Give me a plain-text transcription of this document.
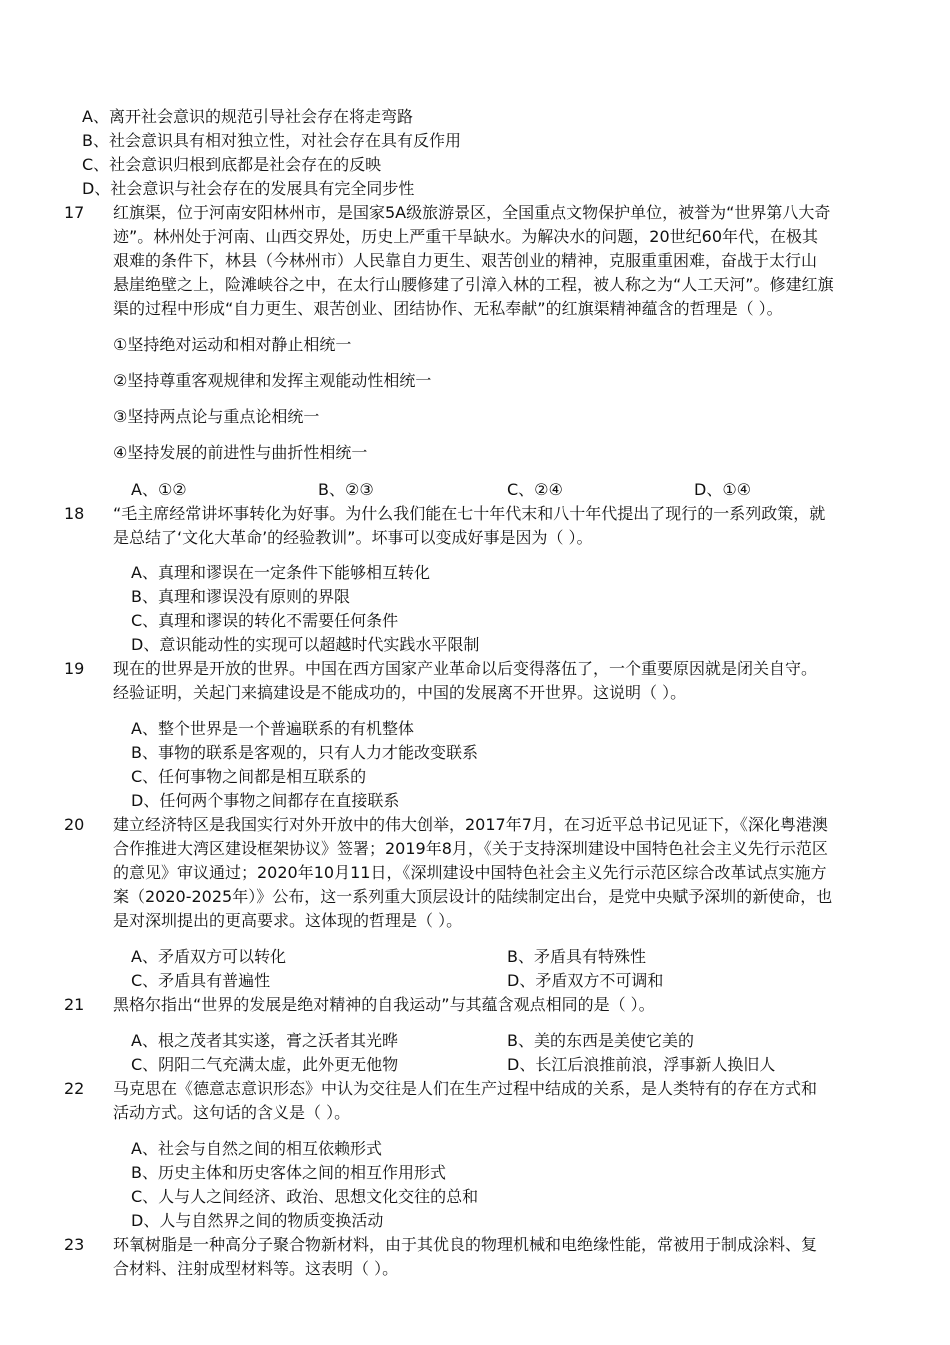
A、离开社会意识的规范引导社会存在将走弯路
B、社会意识具有相对独立性，对社会存在具有反作用
C、社会意识归根到底都是社会存在的反映
D、社会意识与社会存在的发展具有完全同步性
17	红旗渠，位于河南安阳林州市，是国家5A级旅游景区，全国重点文物保护单位，被誉为“世界第八大奇
迹”。林州处于河南、山西交界处，历史上严重干旱缺水。为解决水的问题，20世纪60年代，在极其
艰难的条件下，林县（今林州市）人民靠自力更生、艰苦创业的精神，克服重重困难，奋战于太行山
悬崖绝壁之上，险滩峡谷之中，在太行山腰修建了引漳入林的工程，被人称之为“人工天河”。修建红旗
渠的过程中形成“自力更生、艰苦创业、团结协作、无私奉献”的红旗渠精神蕴含的哲理是（ ）。
①坚持绝对运动和相对静止相统一
②坚持尊重客观规律和发挥主观能动性相统一
③坚持两点论与重点论相统一
④坚持发展的前进性与曲折性相统一
A、①②	B、②③	C、②④	D、①④
18	“毛主席经常讲坏事转化为好事。为什么我们能在七十年代末和八十年代提出了现行的一系列政策，就
是总结了‘文化大革命’的经验教训”。坏事可以变成好事是因为（ ）。
A、真理和谬误在一定条件下能够相互转化
B、真理和谬误没有原则的界限
C、真理和谬误的转化不需要任何条件
D、意识能动性的实现可以超越时代实践水平限制
19	现在的世界是开放的世界。中国在西方国家产业革命以后变得落伍了，一个重要原因就是闭关自守。
经验证明，关起门来搞建设是不能成功的，中国的发展离不开世界。这说明（ ）。
A、整个世界是一个普遍联系的有机整体
B、事物的联系是客观的，只有人力才能改变联系
C、任何事物之间都是相互联系的
D、任何两个事物之间都存在直接联系
20	建立经济特区是我国实行对外开放中的伟大创举，2017年7月，在习近平总书记见证下，《深化粤港澳
合作推进大湾区建设框架协议》签署；2019年8月，《关于支持深圳建设中国特色社会主义先行示范区
的意见》审议通过；2020年10月11日，《深圳建设中国特色社会主义先行示范区综合改革试点实施方
案（2020-2025年）》公布，这一系列重大顶层设计的陆续制定出台，是党中央赋予深圳的新使命，也
是对深圳提出的更高要求。这体现的哲理是（ ）。
A、矛盾双方可以转化	B、矛盾具有特殊性
C、矛盾具有普遍性	D、矛盾双方不可调和
21	黑格尔指出“世界的发展是绝对精神的自我运动”与其蕴含观点相同的是（ ）。
A、根之茂者其实遂，膏之沃者其光晔	B、美的东西是美使它美的
C、阴阳二气充满太虚，此外更无他物	D、长江后浪推前浪，浮事新人换旧人
22	马克思在《德意志意识形态》中认为交往是人们在生产过程中结成的关系，是人类特有的存在方式和
活动方式。这句话的含义是（ ）。
A、社会与自然之间的相互依赖形式
B、历史主体和历史客体之间的相互作用形式
C、人与人之间经济、政治、思想文化交往的总和
D、人与自然界之间的物质变换活动
23	环氧树脂是一种高分子聚合物新材料，由于其优良的物理机械和电绝缘性能，常被用于制成涂料、复
合材料、注射成型材料等。这表明（ ）。
